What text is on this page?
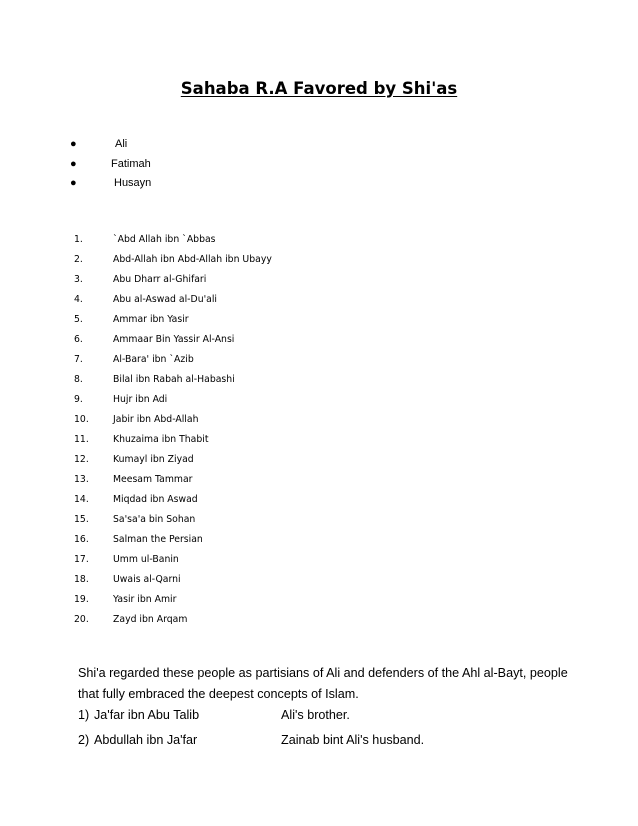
Sahaba R.A Favored by Shi'as
●	Ali
●	Fatimah
●	Husayn
1.	`Abd Allah ibn `Abbas
2.	Abd-Allah ibn Abd-Allah ibn Ubayy
3.	Abu Dharr al-Ghifari
4.	Abu al-Aswad al-Du'ali
5.	Ammar ibn Yasir
6.	Ammaar Bin Yassir Al-Ansi
7.	Al-Bara' ibn `Azib
8.	Bilal ibn Rabah al-Habashi
9.	Hujr ibn Adi
10.	Jabir ibn Abd-Allah
11.	Khuzaima ibn Thabit
12.	Kumayl ibn Ziyad
13.	Meesam Tammar
14.	Miqdad ibn Aswad
15.	Sa'sa'a bin Sohan
16.	Salman the Persian
17.	Umm ul-Banin
18.	Uwais al-Qarni
19.	Yasir ibn Amir
20.	Zayd ibn Arqam

Shi'a regarded these people as partisians of Ali and defenders of the Ahl al-Bayt, people that fully embraced the deepest concepts of Islam.

1) Ja'far ibn Abu Talib	Ali's brother.
2) Abdullah ibn Ja'far	Zainab bint Ali's husband.
